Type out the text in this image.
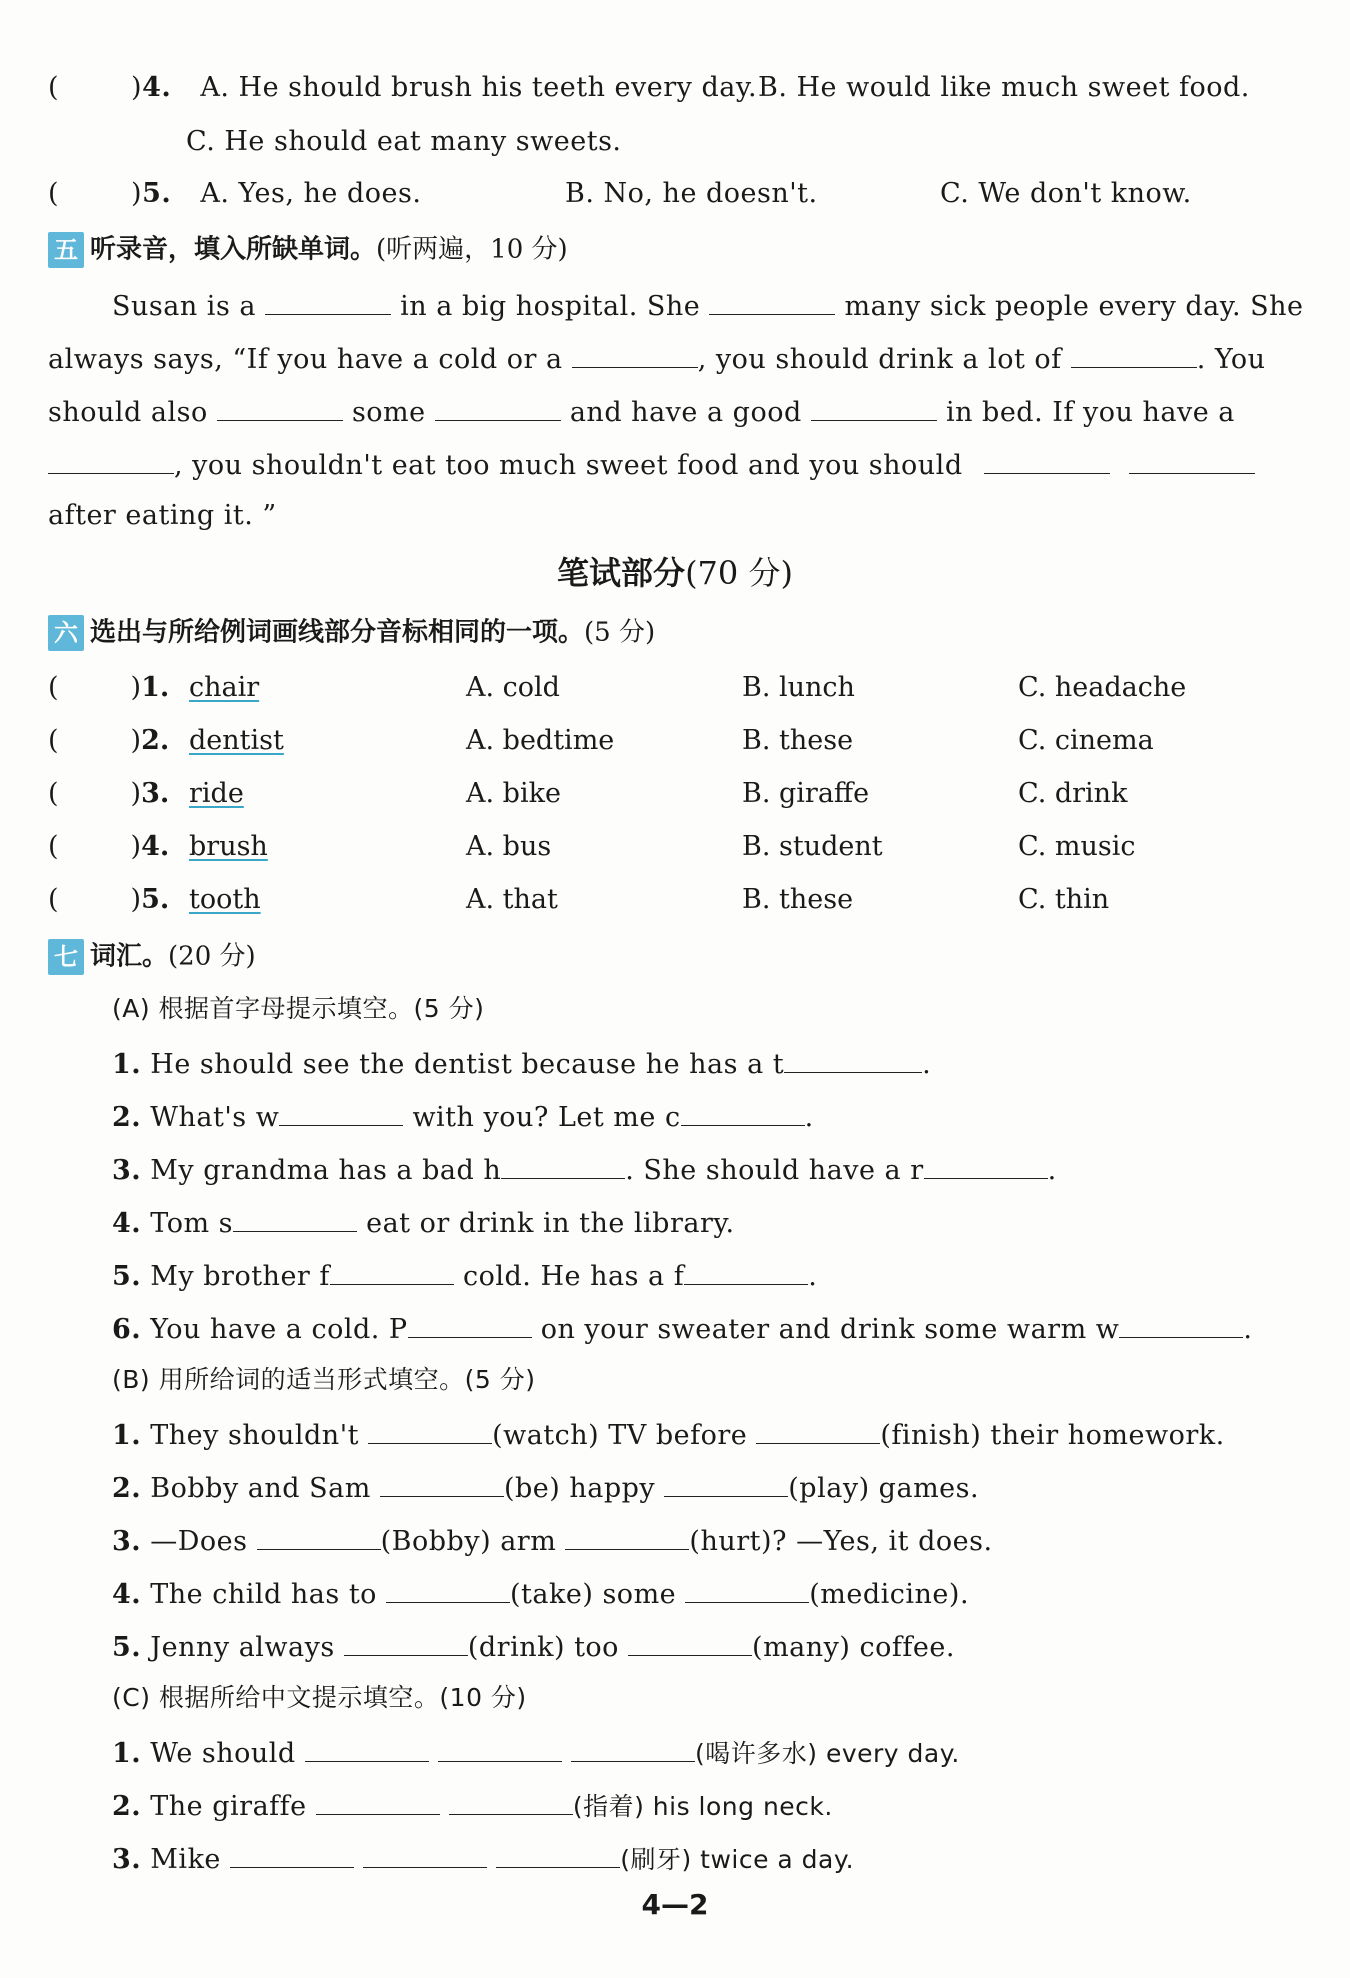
(	)4. A. He should brush his teeth every day. B. He would like much sweet food.
C. He should eat many sweets.
(	)5. A. Yes, he does.	B. No, he doesn't.	C. We don't know.
五 听录音，填入所缺单词。(听两遍，10 分)
Susan is a	in a big hospital. She	many sick people every day. She
always says, “If you have a cold or a	, you should drink a lot of	. You
should also	some	and have a good	in bed. If you have a
, you shouldn't eat too much sweet food and you should
after eating it. ”
笔试部分(70 分)
六 选出与所给例词画线部分音标相同的一项。(5 分)
(	)1. chair	A. cold	B. lunch	C. headache
(	)2. dentist	A. bedtime	B. these	C. cinema
(	)3. ride	A. bike	B. giraffe	C. drink
(	)4. brush	A. bus	B. student	C. music
(	)5. tooth	A. that	B. these	C. thin
七 词汇。(20 分)
(A) 根据首字母提示填空。(5 分)
1. He should see the dentist because he has a t	.
2. What's w	with you? Let me c	.
3. My grandma has a bad h	. She should have a r	.
4. Tom s	eat or drink in the library.
5. My brother f	cold. He has a f	.
6. You have a cold. P	on your sweater and drink some warm w	.
(B) 用所给词的适当形式填空。(5 分)
1. They shouldn't	(watch) TV before	(finish) their homework.
2. Bobby and Sam	(be) happy	(play) games.
3. —Does	(Bobby) arm	(hurt)? —Yes, it does.
4. The child has to	(take) some	(medicine).
5. Jenny always	(drink) too	(many) coffee.
(C) 根据所给中文提示填空。(10 分)
1. We should	(喝许多水) every day.
2. The giraffe	(指着) his long neck.
3. Mike	(刷牙) twice a day.
4—2
